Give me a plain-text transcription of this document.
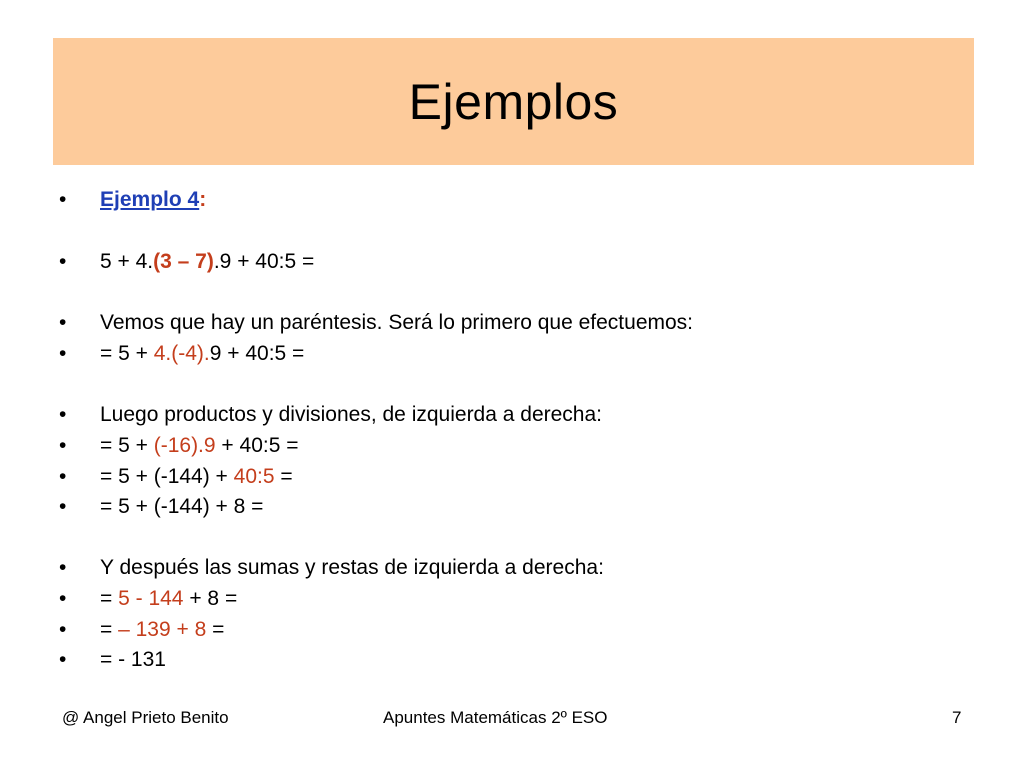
Ejemplos
•	Ejemplo 4:
•	5 + 4.(3 – 7).9 + 40:5 =
•	Vemos que hay un paréntesis. Será lo primero que efectuemos:
•	= 5 + 4.(-4).9 + 40:5 =
•	Luego productos y divisiones, de izquierda a derecha:
•	= 5 + (-16).9 + 40:5 =
•	= 5 + (-144) + 40:5 =
•	= 5 + (-144) + 8 =
•	Y después las sumas y restas de izquierda a derecha:
•	= 5 - 144 + 8 =
•	= – 139 + 8 =
•	= - 131
@ Angel Prieto Benito	Apuntes Matemáticas 2º ESO	7
